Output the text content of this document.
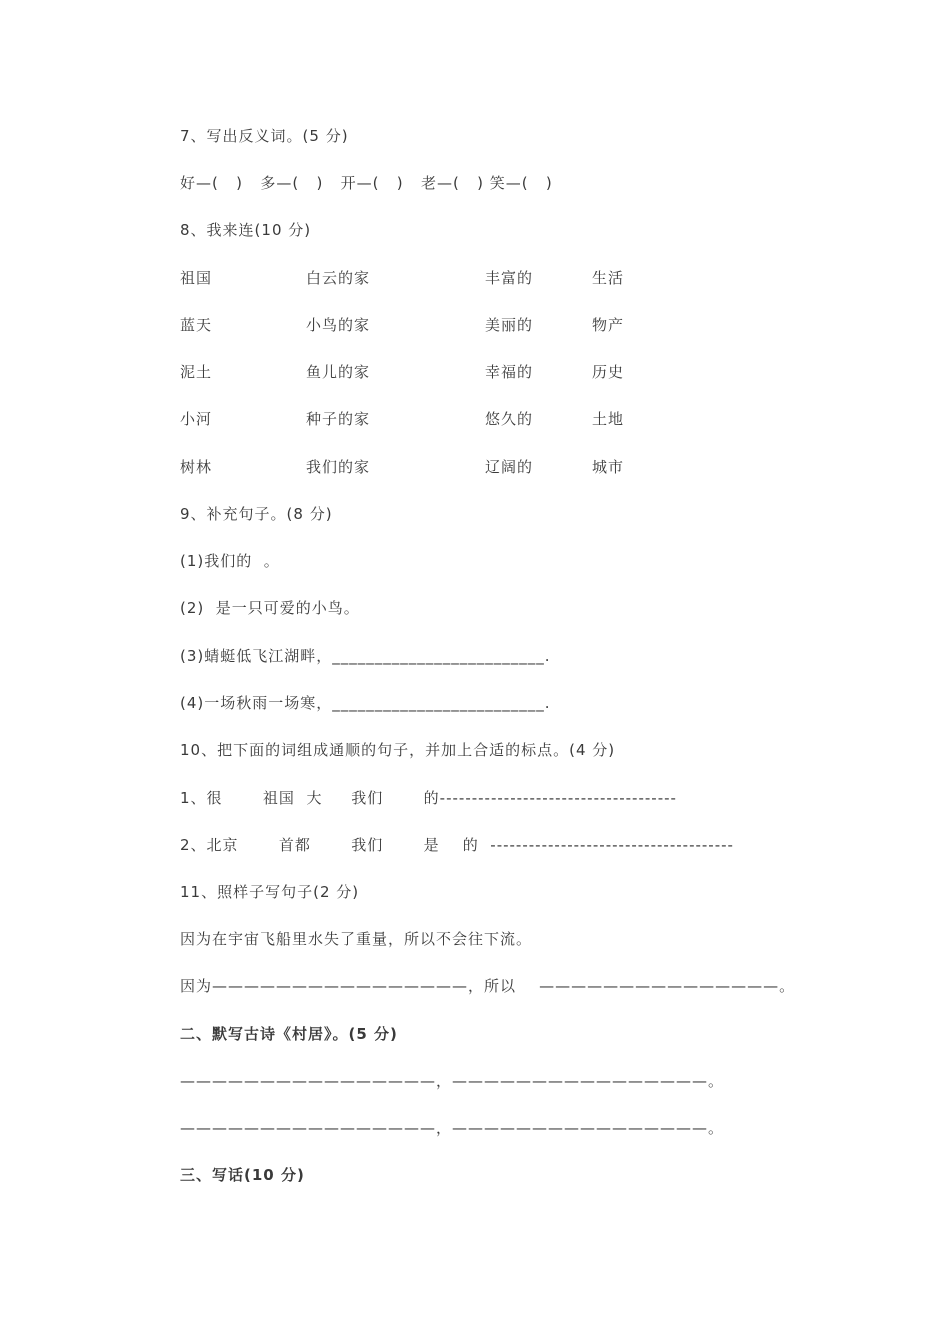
7、写出反义词。(5 分)
好—(   )   多—(   )   开—(   )   老—(   ) 笑—(   )
8、我来连(10 分)
祖国	白云的家	丰富的	生活
蓝天	小鸟的家	美丽的	物产
泥土	鱼儿的家	幸福的	历史
小河	种子的家	悠久的	土地
树林	我们的家	辽阔的	城市
9、补充句子。(8 分)
(1)我们的  。
(2)  是一只可爱的小鸟。
(3)蜻蜓低飞江湖畔，_________________________.
(4)一场秋雨一场寒，_________________________.
10、把下面的词组成通顺的句子，并加上合适的标点。(4 分)
1、很       祖国  大     我们       的-------------------------------------
2、北京       首都       我们       是    的  --------------------------------------
11、照样子写句子(2 分)
因为在宇宙飞船里水失了重量，所以不会往下流。
因为————————————————，所以    ———————————————。
二、默写古诗《村居》。(5 分)
————————————————，————————————————。
————————————————，————————————————。
三、写话(10 分)
